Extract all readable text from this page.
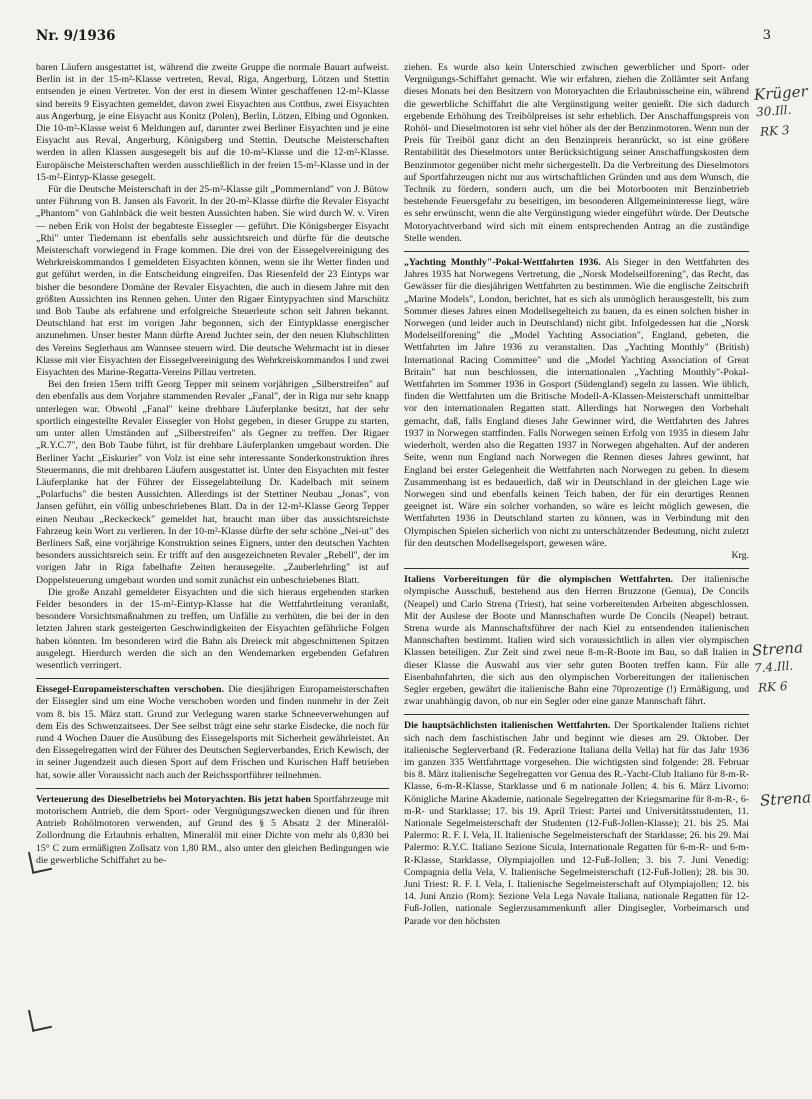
Nr. 9/1936	3

baren Läufern ausgestattet ist, während die zweite Gruppe die normale Bauart aufweist. Berlin ist in der 15-m²-Klasse vertreten, Reval, Riga, Angerburg, Lötzen und Stettin entsenden je einen Vertreter. Von der erst in diesem Winter geschaffenen 12-m²-Klasse sind bereits 9 Eisyachten gemeldet, davon zwei Eisyachten aus Cottbus, zwei Eisyachten aus Angerburg, je eine Eisyacht aus Konitz (Polen), Berlin, Lötzen, Elbing und Ogonken. Die 10-m²-Klasse weist 6 Meldungen auf, darunter zwei Berliner Eisyachten und je eine Eisyacht aus Reval, Angerburg, Königsberg und Stettin. Deutsche Meisterschaften werden in allen Klassen ausgesegelt bis auf die 10-m²-Klasse und die 12-m²-Klasse. Europäische Meisterschaften werden ausschließlich in der freien 15-m²-Klasse und in der 15-m²-Eintyp-Klasse gesegelt.

Für die Deutsche Meisterschaft in der 25-m²-Klasse gilt „Pommernland" von J. Bütow unter Führung von B. Jansen als Favorit. In der 20-m²-Klasse dürfte die Revaler Eisyacht „Phantom" von Gahlnbäck die weit besten Aussichten haben. Sie wird durch W. v. Viren — neben Erik von Holst der begabteste Eissegler — geführt. Die Königsberger Eisyacht „Rhi" unter Tiedemann ist ebenfalls sehr aussichtsreich und dürfte für die deutsche Meisterschaft vorwiegend in Frage kommen. Die drei von der Eissegelvereinigung des Wehrkreiskommandos I gemeldeten Eisyachten können, wenn sie ihr Wetter finden und gut geführt werden, in die Entscheidung eingreifen. Das Riesenfeld der 23 Eintyps war bisher die besondere Domäne der Revaler Eisyachten, die auch in diesem Jahre mit den größten Aussichten ins Rennen gehen. Unter den Rigaer Eintypyachten sind Marschütz und Bob Taube als erfahrene und erfolgreiche Steuerleute schon seit Jahren bekannt. Deutschland hat erst im vorigen Jahr begonnen, sich der Eintypklasse energischer anzunehmen. Unser bester Mann dürfte Arend Juchter sein, der den neuen Klubschlitten des Vereins Seglerhaus am Wannsee steuern wird. Die deutsche Wehrmacht ist in dieser Klasse mit vier Eisyachten der Eissegelvereinigung des Wehrkreiskommandos I und zwei Eisyachten des Marine-Regatta-Vereins Pillau vertreten.

Bei den freien 15ern trifft Georg Tepper mit seinem vorjährigen „Silberstreifen" auf den ebenfalls aus dem Vorjahre stammenden Revaler „Fanal", der in Riga nur sehr knapp unterlegen war. Obwohl „Fanal" keine drehbare Läuferplanke besitzt, hat der sehr sportlich eingestellte Revaler Eissegler von Holst gegeben, in dieser Gruppe zu starten, um unter allen Umständen auf „Silberstreifen" als Gegner zu treffen. Der Rigaer „R.Y.C.7", den Bob Taube führt, ist für drehbare Läuferplanken umgebaut worden. Die Berliner Yacht „Eiskurier" von Volz ist eine sehr interessante Sonderkonstruktion ihres Steuermanns, die mit drehbaren Läufern ausgestattet ist. Unter den Eisyachten mit fester Läuferplanke hat der Führer der Eissegelabteilung Dr. Kadelbach mit seinem „Polarfuchs" die besten Aussichten. Allerdings ist der Stettiner Neubau „Jonas", von Jansen geführt, ein völlig unbeschriebenes Blatt. Da in der 12-m²-Klasse Georg Tepper einen Neubau „Reckeckeck" gemeldet hat, braucht man über das aussichtsreichste Fahrzeug kein Wort zu verlieren. In der 10-m²-Klasse dürfte der sehr schöne „Nei-ut" des Berliners Saß, eine vorjährige Konstruktion seines Eigners, unter den deutschen Yachten besonders aussichtsreich sein. Er trifft auf den ausgezeichneten Revaler „Rebell", der im vorigen Jahr in Riga fabelhafte Zeiten herausegelte. „Zauberlehrling" ist auf Doppelsteuerung umgebaut worden und somit zunächst ein unbeschriebenes Blatt.

Die große Anzahl gemeldeter Eisyachten und die sich hieraus ergebenden starken Felder besonders in der 15-m²-Eintyp-Klasse hat die Wettfahrtleitung veranlaßt, besondere Vorsichtsmaßnahmen zu treffen, um Unfälle zu verhüten, die bei der in den letzten Jahren stark gesteigerten Geschwindigkeiten der Eisyachten gefährliche Folgen haben könnten. Im besonderen wird die Bahn als Dreieck mit abgeschnittenen Spitzen ausgelegt. Hierdurch werden die sich an den Wendemarken ergebenden Gefahren wesentlich verringert.

Eissegel-Europameisterschaften verschoben. Die diesjährigen Europameisterschaften der Eissegler sind um eine Woche verschoben worden und finden nunmehr in der Zeit vom 8. bis 15. März statt. Grund zur Verlegung waren starke Schneeverwehungen auf dem Eis des Schwenzaitsees. Der See selbst trägt eine sehr starke Eisdecke, die noch für rund 4 Wochen Dauer die Ausübung des Eissegelsports mit Sicherheit gewährleistet. An den Eissegelregatten wird der Führer des Deutschen Seglerverbandes, Erich Kewisch, der in seiner Jugendzeit auch diesen Sport auf dem Frischen und Kurischen Haff betrieben hat, sowie aller Voraussicht nach auch der Reichssportführer teilnehmen.

Verteuerung des Dieselbetriebs bei Motoryachten. Bis jetzt haben Sportfahrzeuge mit motorischem Antrieb, die dem Sport- oder Vergnügungszwecken dienen und für ihren Antrieb Rohölmotoren verwenden, auf Grund des § 5 Absatz 2 der Mineralöl-Zollordnung die Erlaubnis erhalten, Mineralöl mit einer Dichte von mehr als 0,830 bei 15° C zum ermäßigten Zollsatz von 1,80 RM., also unter den gleichen Bedingungen wie die gewerbliche Schiffahrt zu be-

ziehen. Es wurde also kein Unterschied zwischen gewerblicher und Sport- oder Vergnügungs-Schiffahrt gemacht. Wie wir erfahren, ziehen die Zollämter seit Anfang dieses Monats bei den Besitzern von Motoryachten die Erlaubnisscheine ein, während die gewerbliche Schiffahrt die alte Vergünstigung weiter genießt. Die sich dadurch ergebende Erhöhung des Treibölpreises ist sehr erheblich. Der Anschaffungspreis von Rohöl- und Dieselmotoren ist sehr viel höher als der der Benzinmotoren. Wenn nun der Preis für Treiböl ganz dicht an den Benzinpreis heranrückt, so ist eine größere Rentabilität des Dieselmotors unter Berücksichtigung seiner Anschaffungskosten dem Benzinmotor gegenüber nicht mehr sichergestellt. Da die Verbreitung des Dieselmotors auf Sportfahrzeugen nicht nur aus wirtschaftlichen Gründen und aus dem Wunsch, die Technik zu fördern, sondern auch, um die bei Motorbooten mit Benzinbetrieb bestehende Feuersgefahr zu beseitigen, im besonderen Allgemeininteresse liegt, wäre es sehr erwünscht, wenn die alte Vergünstigung wieder eingeführt würde. Der Deutsche Motoryachtverband wird sich mit einem entsprechenden Antrag an die zuständige Stelle wenden.

„Yachting Monthly"-Pokal-Wettfahrten 1936. Als Sieger in den Wettfahrten des Jahres 1935 hat Norwegens Vertretung, die „Norsk Modelseilforening", das Recht, das Gewässer für die diesjährigen Wettfahrten zu bestimmen. Wie die englische Zeitschrift „Marine Models", London, berichtet, hat es sich als unmöglich herausgestellt, bis zum Sommer dieses Jahres einen Modellsegelteich zu bauen, da es einen solchen bisher in Norwegen (und leider auch in Deutschland) nicht gibt. Infolgedessen hat die „Norsk Modelseilforening" die „Model Yachting Association", England, gebeten, die Wettfahrten im Jahre 1936 zu veranstalten. Das „Yachting Monthly" (British) International Racing Committee" und die „Model Yachting Association of Great Britain" hat nun beschlossen, die internationalen „Yachting Monthly"-Pokal-Wettfahrten im Sommer 1936 in Gosport (Südengland) segeln zu lassen. Wie üblich, finden die Wettfahrten um die Britische Modell-A-Klassen-Meisterschaft unmittelbar vor den internationalen Regatten statt. Allerdings hat Norwegen den Vorbehalt gemacht, daß, falls England dieses Jahr Gewinner wird, die Wettfahrten des Jahres 1937 in Norwegen stattfinden. Falls Norwegen seinen Erfolg von 1935 in diesem Jahr wiederholt, werden also die Regatten 1937 in Norwegen abgehalten. Auf der anderen Seite, wenn nun England nach Norwegen die Rennen dieses Jahres gewinnt, hat England bei erster Gelegenheit die Wettfahrten nach Norwegen zu geben. In diesem Zusammenhang ist es bedauerlich, daß wir in Deutschland in der gleichen Lage wie Norwegen sind und ebenfalls keinen Teich haben, der für ein derartiges Rennen geeignet ist. Wäre ein solcher vorhanden, so wäre es leicht möglich gewesen, die Wettfahrten 1936 in Deutschland starten zu können, was in Verbindung mit den Olympischen Spielen sicherlich von nicht zu unterschätzender Bedeutung, nicht zuletzt für den deutschen Modellsegelsport, gewesen wäre.

Krg.

Italiens Vorbereitungen für die olympischen Wettfahrten. Der italienische olympische Ausschuß, bestehend aus den Herren Bruzzone (Genua), De Concils (Neapel) und Carlo Strena (Triest), hat seine vorbereitenden Arbeiten abgeschlossen. Mit der Auslese der Boote und Mannschaften wurde De Concils (Neapel) betraut. Strena wurde als Mannschaftsführer der nach Kiel zu entsendenden italienischen Mannschaften bestimmt. Italien wird sich voraussichtlich in allen vier olympischen Klassen beteiligen. Zur Zeit sind zwei neue 8-m-R-Boote im Bau, so daß Italien in dieser Klasse die Auswahl aus vier sehr guten Booten treffen kann. Für alle Eisenbahnfahrten, die sich aus den olympischen Vorbereitungen der italienischen Segler ergeben, gewährt die italienische Bahn eine 70prozentige (!) Ermäßigung, und zwar unabhängig davon, ob nur ein Segler oder eine ganze Mannschaft fährt.

Die hauptsächlichsten italienischen Wettfahrten. Der Sportkalender Italiens richtet sich nach dem faschistischen Jahr und beginnt wie dieses am 29. Oktober. Der italienische Seglerverband (R. Federazione Italiana della Vella) hat für das Jahr 1936 im ganzen 335 Wettfahrttage vorgesehen. Die wichtigsten sind folgende: 28. Februar bis 8. März italienische Segelregatten vor Genua des R.-Yacht-Club Italiano für 8-m-R-Klasse, 6-m-R-Klasse, Starklasse und 6 m nationale Jollen; 4. bis 6. März Livorno: Königliche Marine Akademie, nationale Segelregatten der Kriegsmarine für 8-m-R-, 6-m-R- und Starklasse; 17. bis 19. April Triest: Partei und Universitätsstudenten, 11. Nationale Segelmeisterschaft der Studenten (12-Fuß-Jollen-Klasse); 21. bis 25. Mai Palermo: R. F. I. Vela, II. Italienische Segelmeisterschaft der Starklasse; 26. bis 29. Mai Palermo: R.Y.C. Italiano Sezione Sicula, Internationale Regatten für 6-m-R- und 6-m-R-Klasse, Starklasse, Olympiajollen und 12-Fuß-Jollen; 3. bis 7. Juni Venedig: Compagnia della Vela, V. Italienische Segelmeisterschaft (12-Fuß-Jollen); 28. bis 30. Juni Triest: R. F. I. Vela, I. Italienische Segelmeisterschaft auf Olympiajollen; 12. bis 14. Juni Anzio (Rom): Sezione Vela Lega Navale Italiana, nationale Regatten für 12-Fuß-Jollen, nationale Seglerzusammenkunft aller Dingisegler, Vorbeimarsch und Parade vor den höchsten

Krüger
30.Ill.
RK 3
Strena
7.4.Ill.
RK 6
Strena
